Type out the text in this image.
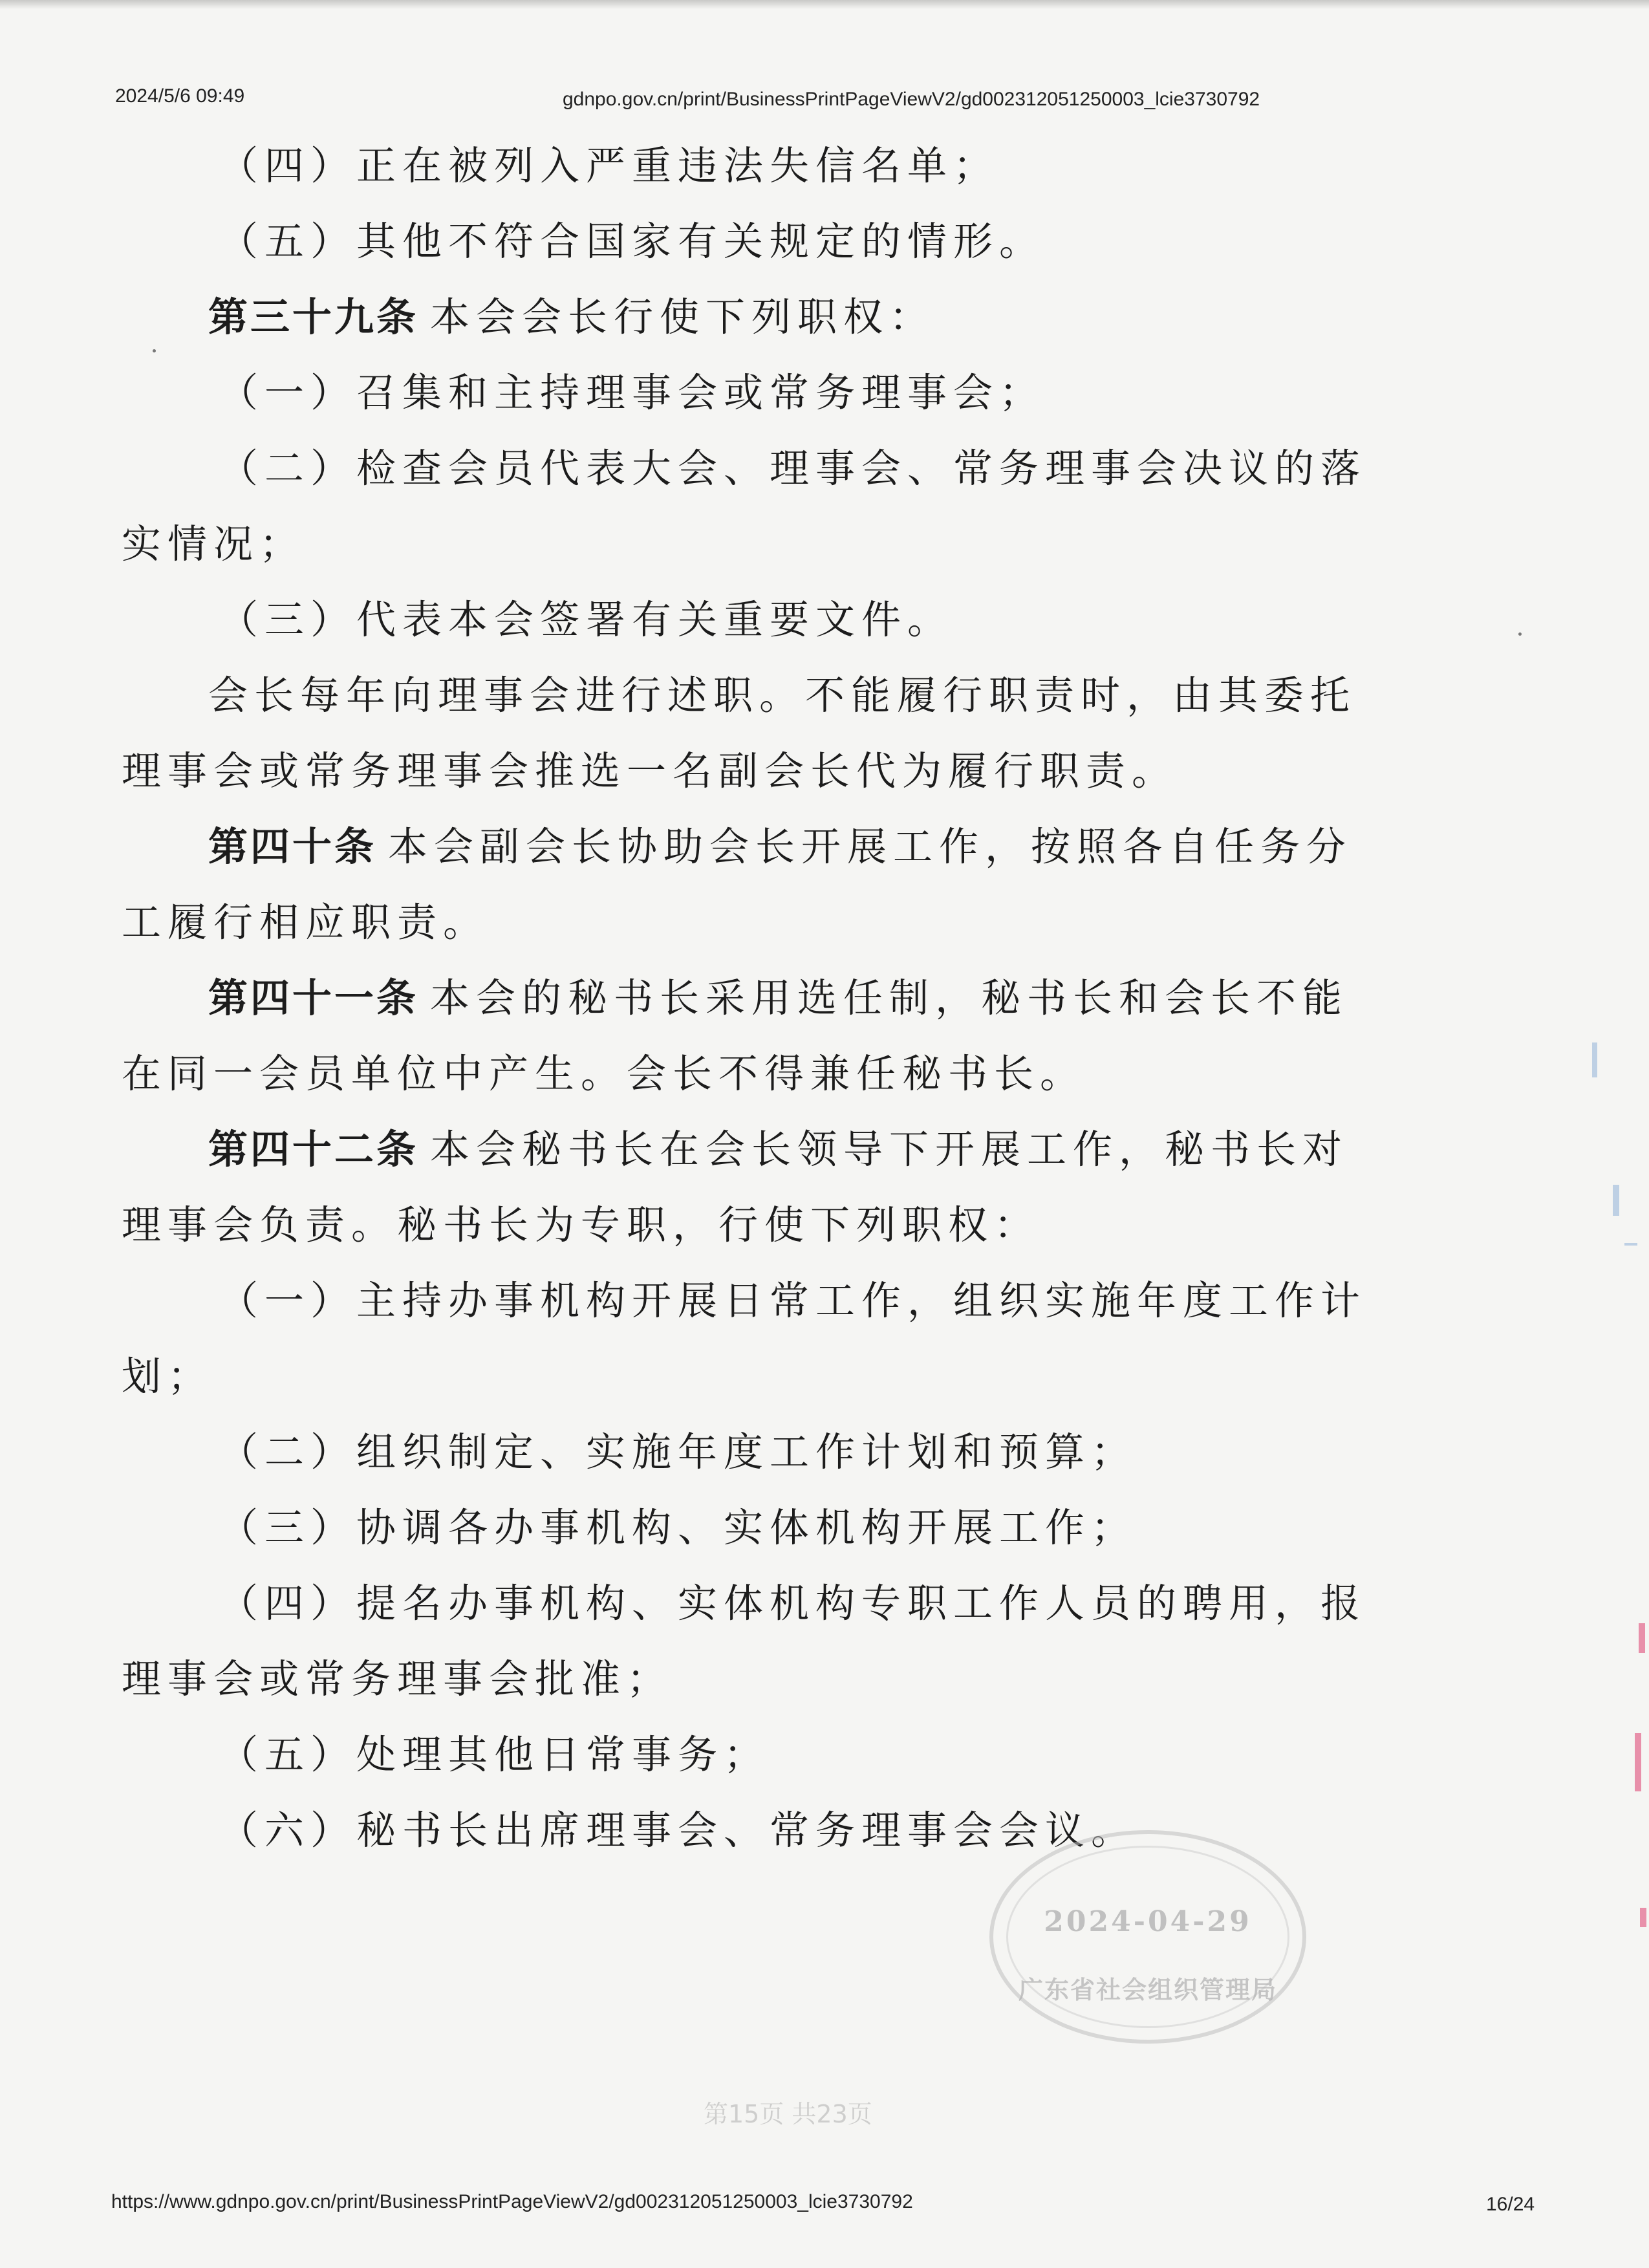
2024/5/6 09:49	gdnpo.gov.cn/print/BusinessPrintPageViewV2/gd002312051250003_lcie3730792

（四）正在被列入严重违法失信名单；

（五）其他不符合国家有关规定的情形。

第三十九条 本会会长行使下列职权：

（一）召集和主持理事会或常务理事会；

（二）检查会员代表大会、理事会、常务理事会决议的落实情况；

（三）代表本会签署有关重要文件。

会长每年向理事会进行述职。不能履行职责时，由其委托理事会或常务理事会推选一名副会长代为履行职责。

第四十条 本会副会长协助会长开展工作，按照各自任务分工履行相应职责。

第四十一条 本会的秘书长采用选任制，秘书长和会长不能在同一会员单位中产生。会长不得兼任秘书长。

第四十二条 本会秘书长在会长领导下开展工作，秘书长对理事会负责。秘书长为专职，行使下列职权：

（一）主持办事机构开展日常工作，组织实施年度工作计划；

（二）组织制定、实施年度工作计划和预算；

（三）协调各办事机构、实体机构开展工作；

（四）提名办事机构、实体机构专职工作人员的聘用，报理事会或常务理事会批准；

（五）处理其他日常事务；

（六）秘书长出席理事会、常务理事会会议。

2024-04-29
广东省社会组织管理局
第15页 共23页
https://www.gdnpo.gov.cn/print/BusinessPrintPageViewV2/gd002312051250003_lcie3730792	16/24
